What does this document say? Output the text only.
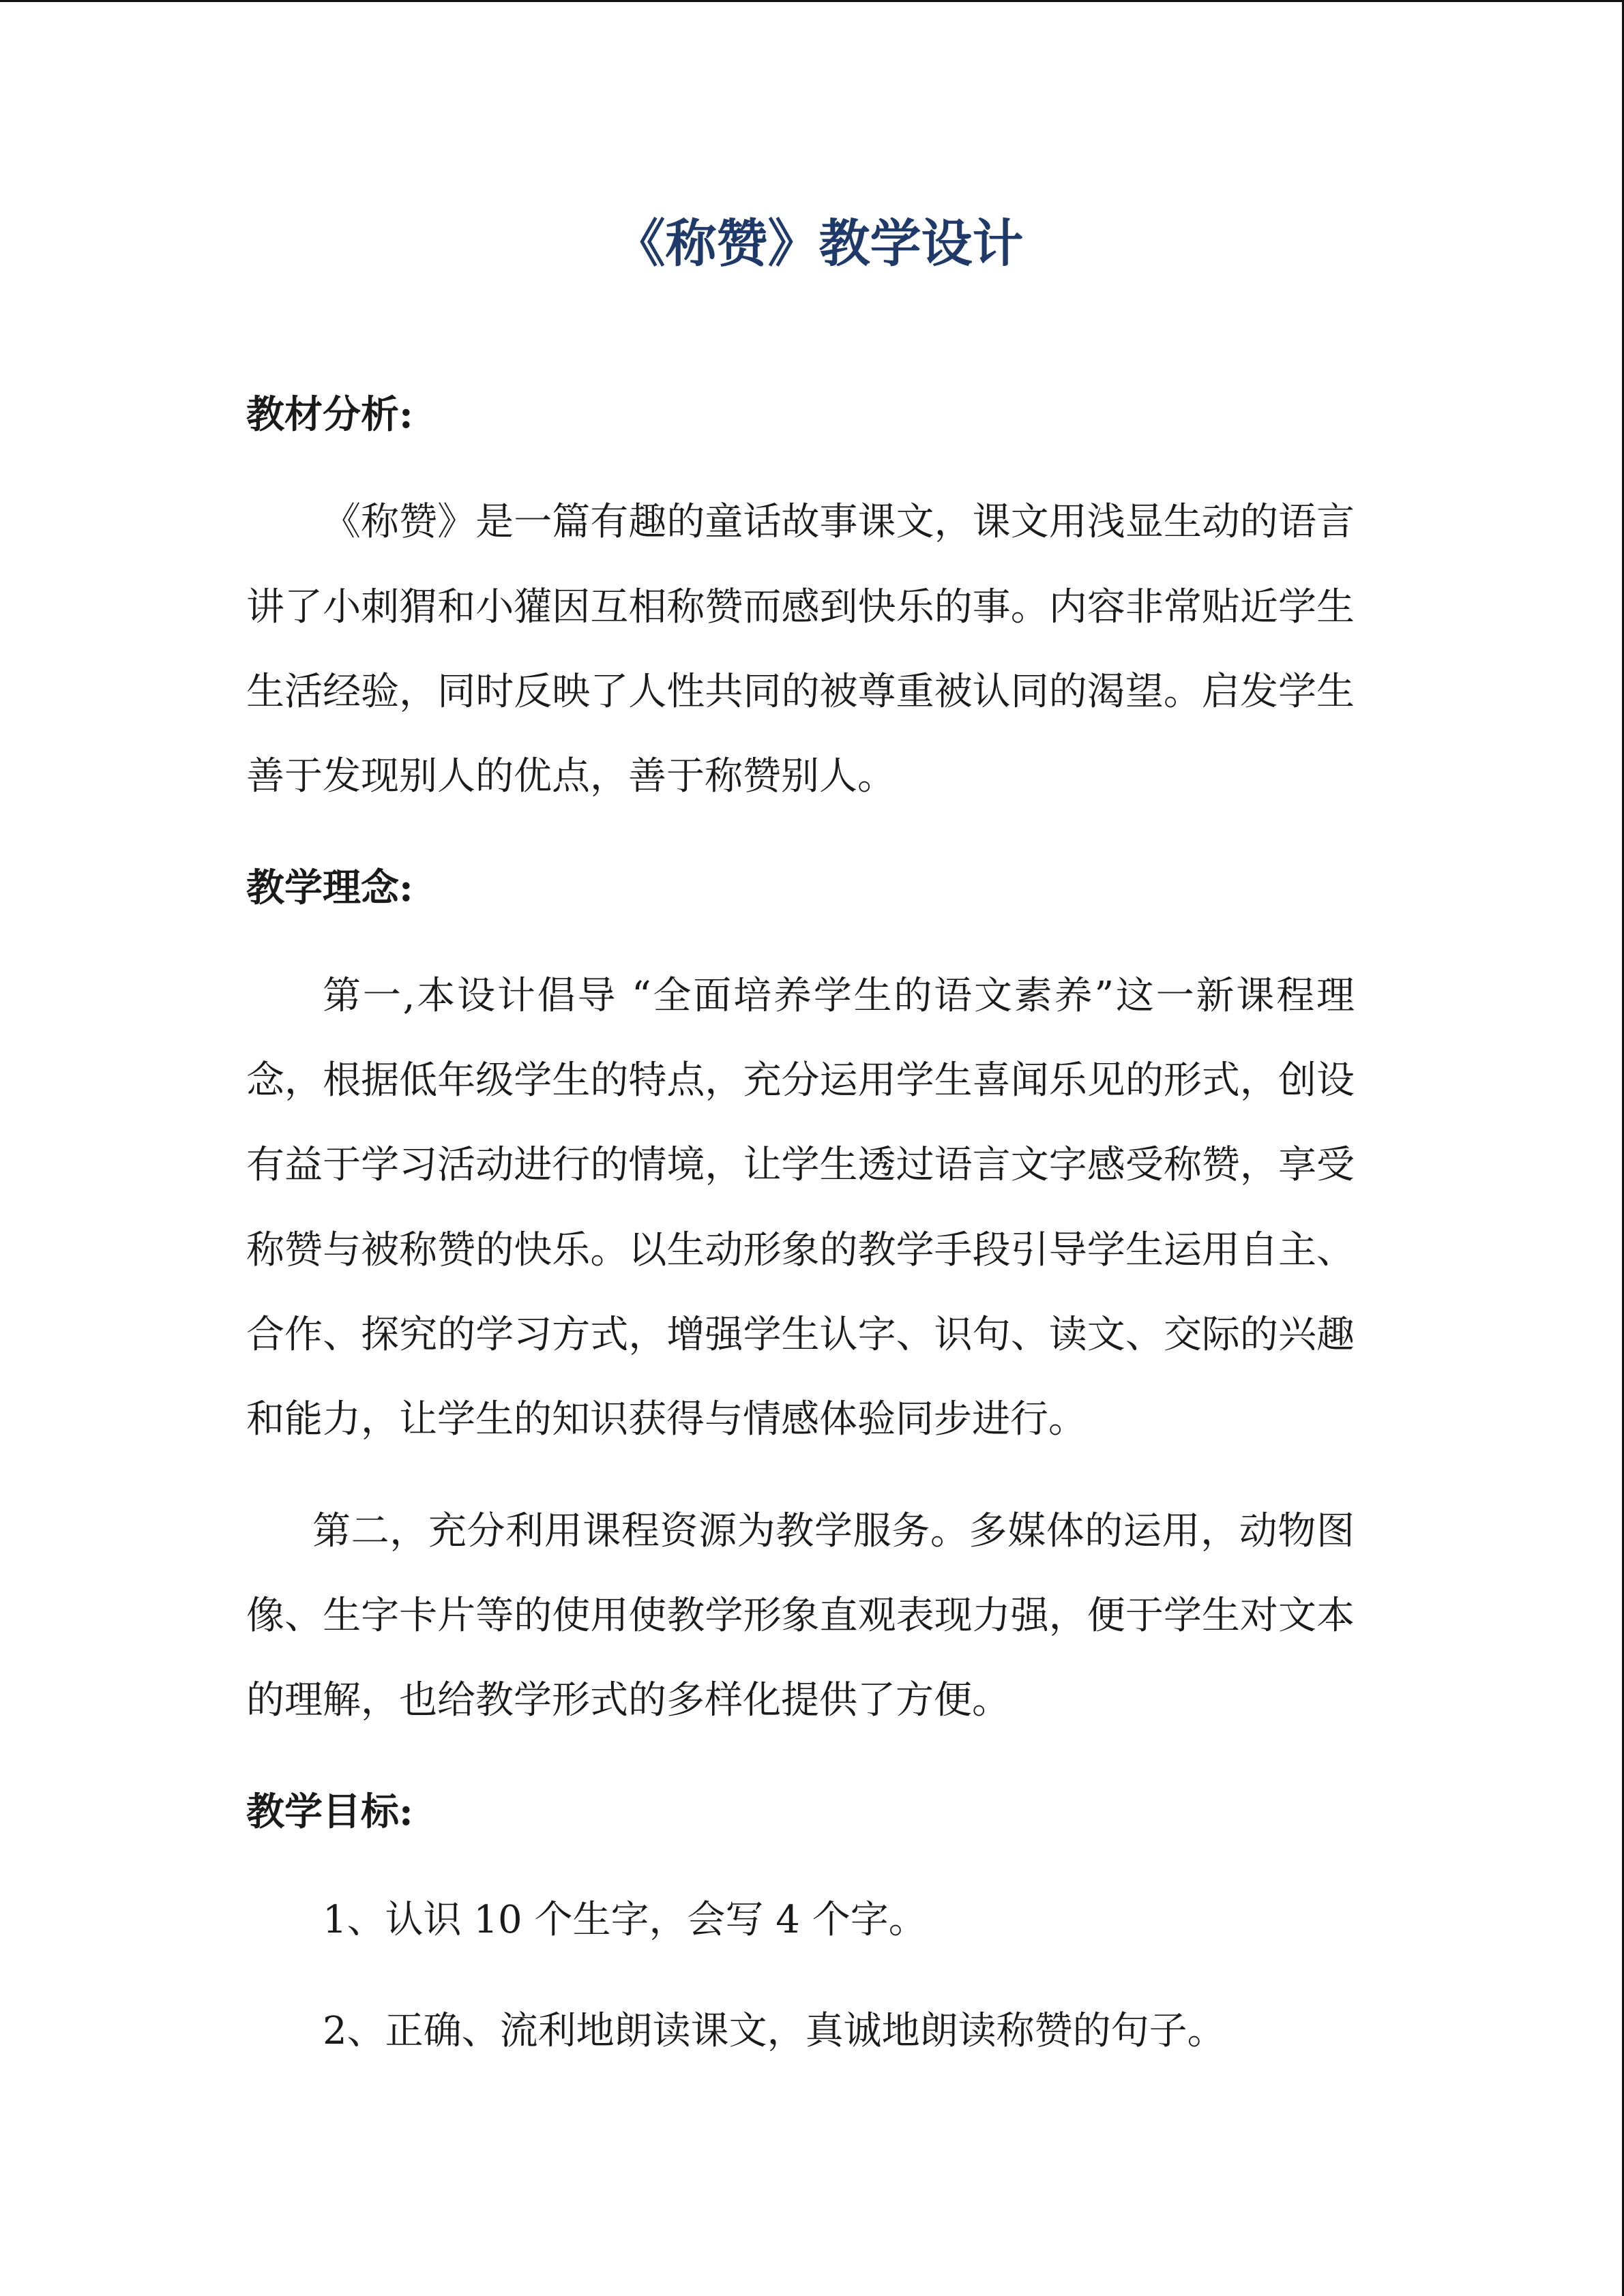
《称赞》教学设计
教材分析:
《称赞》是一篇有趣的童话故事课文，课文用浅显生动的语言
讲了小刺猬和小獾因互相称赞而感到快乐的事。内容非常贴近学生
生活经验，同时反映了人性共同的被尊重被认同的渴望。启发学生
善于发现别人的优点，善于称赞别人。
教学理念:
第一,本设计倡导 “全面培养学生的语文素养”这一新课程理
念，根据低年级学生的特点，充分运用学生喜闻乐见的形式，创设
有益于学习活动进行的情境，让学生透过语言文字感受称赞，享受
称赞与被称赞的快乐。以生动形象的教学手段引导学生运用自主、
合作、探究的学习方式，增强学生认字、识句、读文、交际的兴趣
和能力，让学生的知识获得与情感体验同步进行。
第二，充分利用课程资源为教学服务。多媒体的运用，动物图
像、生字卡片等的使用使教学形象直观表现力强，便于学生对文本
的理解，也给教学形式的多样化提供了方便。
教学目标:
1、认识 10 个生字，会写 4 个字。
2、正确、流利地朗读课文，真诚地朗读称赞的句子。
